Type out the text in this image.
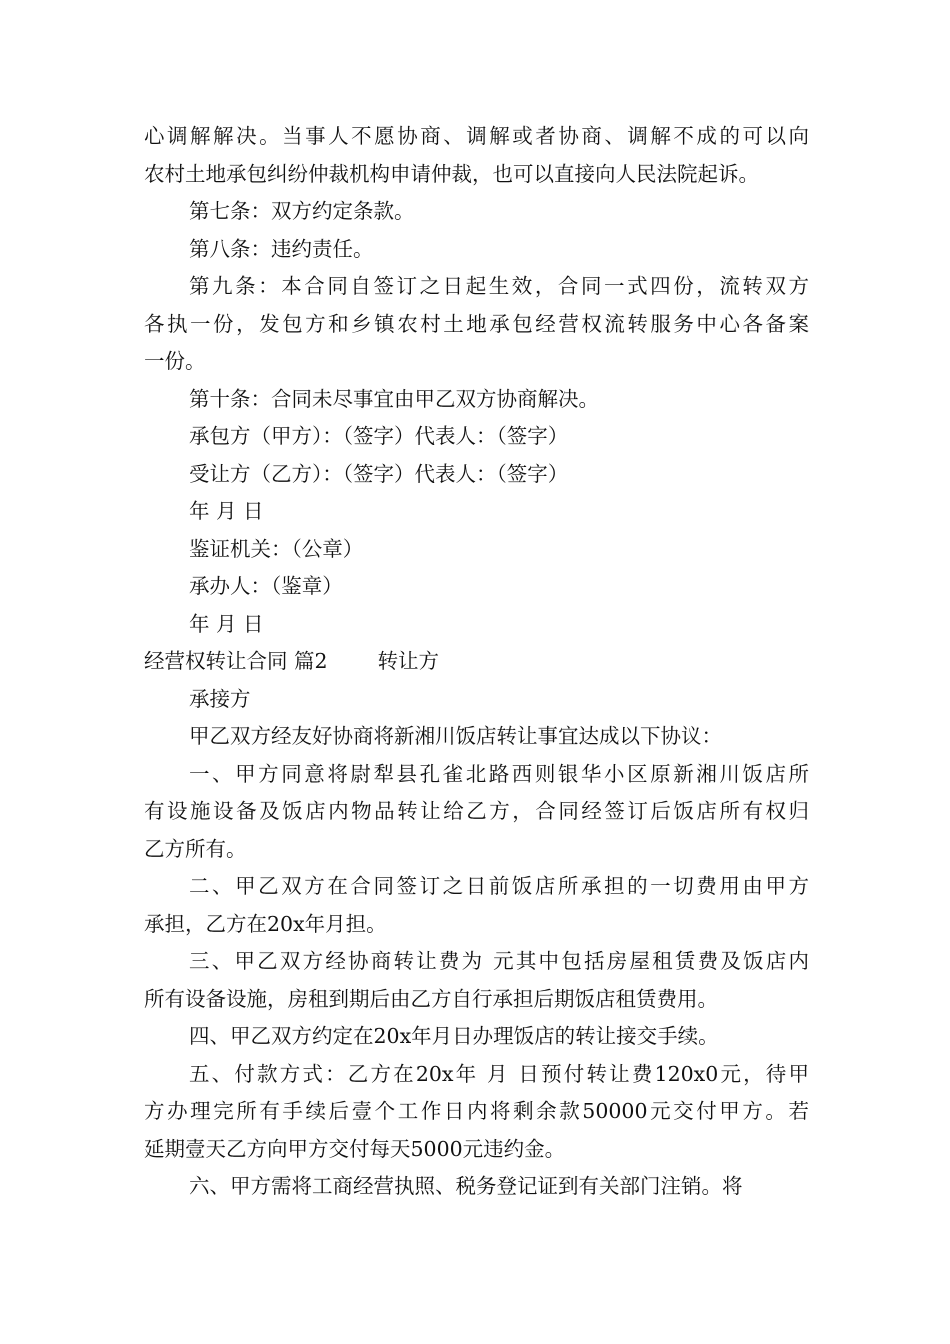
心调解解决。当事人不愿协商、调解或者协商、调解不成的可以向
农村土地承包纠纷仲裁机构申请仲裁，也可以直接向人民法院起诉。
第七条：双方约定条款。
第八条：违约责任。
第九条：本合同自签订之日起生效，合同一式四份，流转双方
各执一份，发包方和乡镇农村土地承包经营权流转服务中心各备案
一份。
第十条：合同未尽事宜由甲乙双方协商解决。
承包方（甲方）：（签字）代表人：（签字）
受让方（乙方）：（签字）代表人：（签字）
年 月 日
鉴证机关：（公章）
承办人：（鉴章）
年 月 日
经营权转让合同 篇2 转让方
承接方
甲乙双方经友好协商将新湘川饭店转让事宜达成以下协议：
一、甲方同意将尉犁县孔雀北路西则银华小区原新湘川饭店所
有设施设备及饭店内物品转让给乙方，合同经签订后饭店所有权归
乙方所有。
二、甲乙双方在合同签订之日前饭店所承担的一切费用由甲方
承担，乙方在20x年月担。
三、甲乙双方经协商转让费为 元其中包括房屋租赁费及饭店内
所有设备设施，房租到期后由乙方自行承担后期饭店租赁费用。
四、甲乙双方约定在20x年月日办理饭店的转让接交手续。
五、付款方式：乙方在20x年 月 日预付转让费120x0元，待甲
方办理完所有手续后壹个工作日内将剩余款50000元交付甲方。若
延期壹天乙方向甲方交付每天5000元违约金。
六、甲方需将工商经营执照、税务登记证到有关部门注销。将
